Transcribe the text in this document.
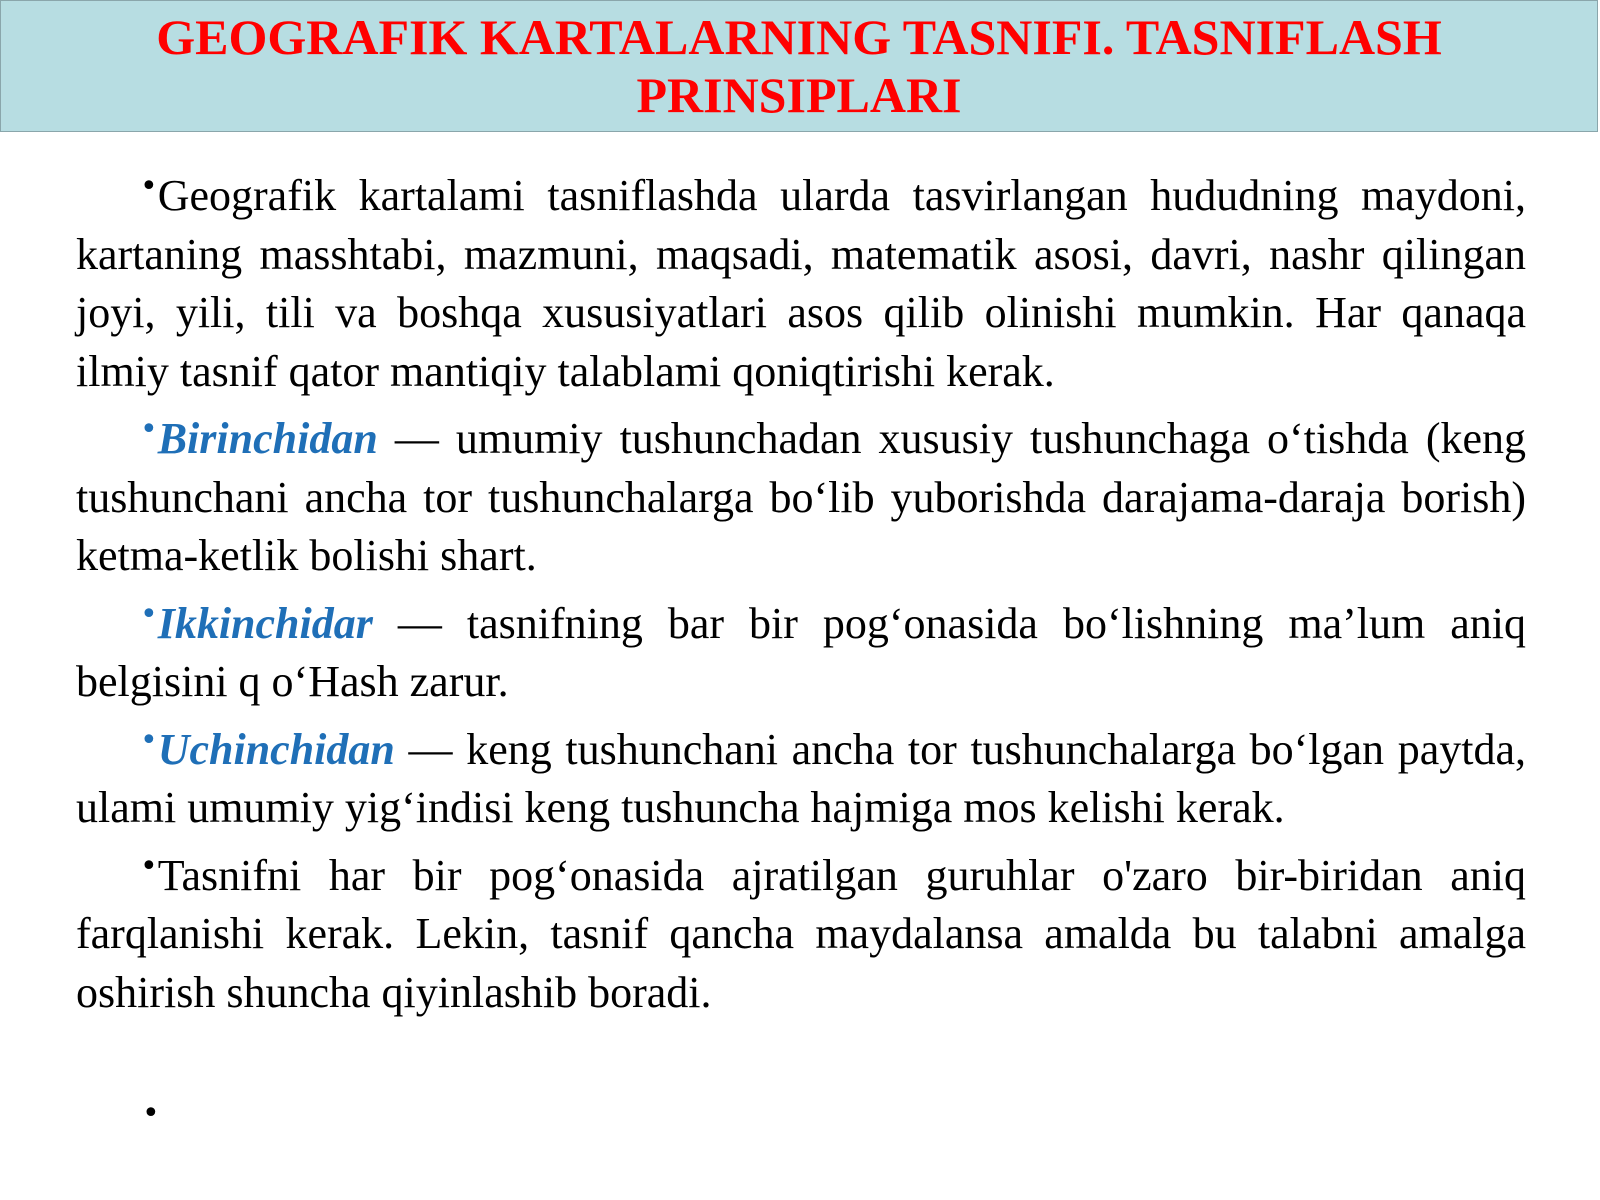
GEOGRAFIK KARTALARNING TASNIFI. TASNIFLASH PRINSIPLARI

•Geografik kartalami tasniflashda ularda tasvirlangan hududning maydoni, kartaning masshtabi, mazmuni, maqsadi, matematik asosi, davri, nashr qilingan joyi, yili, tili va boshqa xususiyatlari asos qilib olinishi mumkin. Har qanaqa ilmiy tasnif qator mantiqiy talablami qoniqtirishi kerak.

•Birinchidan — umumiy tushunchadan xususiy tushunchaga o‘tishda (keng tushunchani ancha tor tushunchalarga bo‘lib yuborishda darajama-daraja borish) ketma-ketlik bolishi shart.

•Ikkinchidar — tasnifning bar bir pog‘onasida bo‘lishning ma’lum aniq belgisini q o‘Hash zarur.

•Uchinchidan — keng tushunchani ancha tor tushunchalarga bo‘lgan paytda, ulami umumiy yig‘indisi keng tushuncha hajmiga mos kelishi kerak.

•Tasnifni har bir pog‘onasida ajratilgan guruhlar o'zaro bir-biridan aniq farqlanishi kerak. Lekin, tasnif qancha maydalansa amalda bu talabni amalga oshirish shuncha qiyinlashib boradi.

•
